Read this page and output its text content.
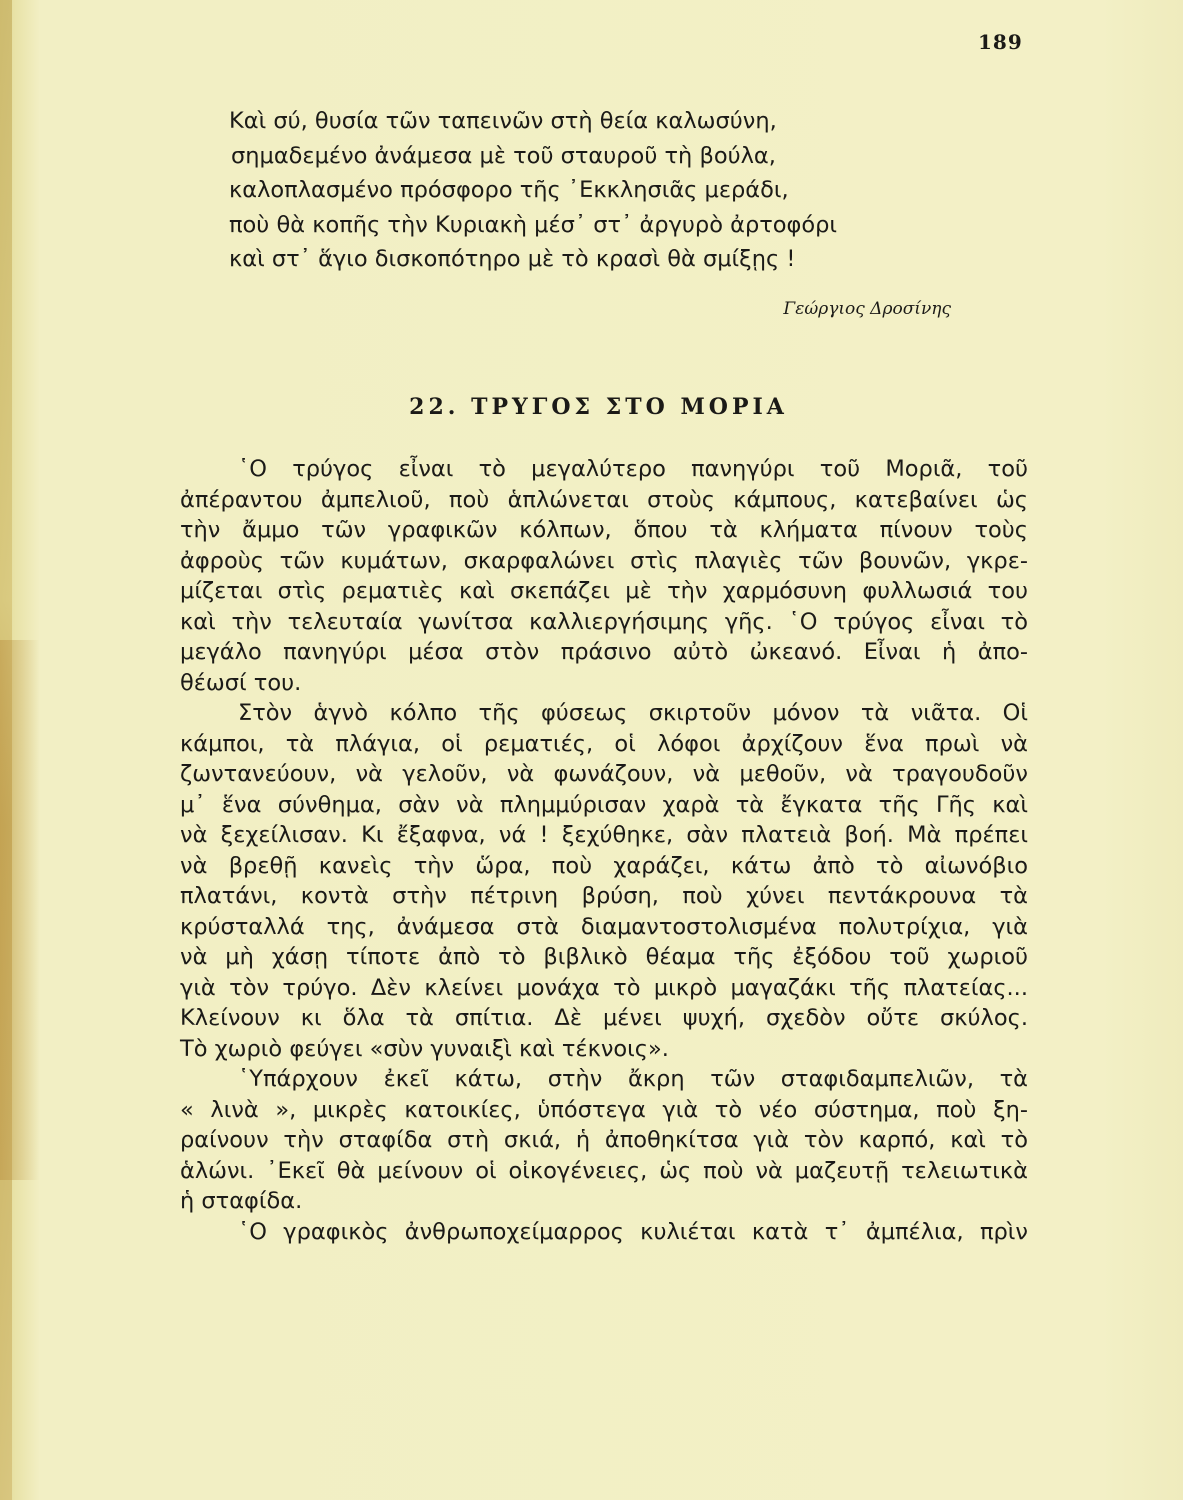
189
Καὶ σύ, θυσία τῶν ταπεινῶν στὴ θεία καλωσύνη,
σημαδεμένο ἀνάμεσα μὲ τοῦ σταυροῦ τὴ βούλα,
καλοπλασμένο πρόσφορο τῆς ᾿Εκκλησιᾶς μεράδι,
ποὺ θὰ κοπῆς τὴν Κυριακὴ μέσ᾿ στ᾿ ἀργυρὸ ἀρτοφόρι
καὶ στ᾿ ἅγιο δισκοπότηρο μὲ τὸ κρασὶ θὰ σμίξῃς !
Γεώργιος Δροσίνης
22. ΤΡΥΓΟΣ ΣΤΟ ΜΟΡΙΑ
῾Ο τρύγος εἶναι τὸ μεγαλύτερο πανηγύρι τοῦ Μοριᾶ, τοῦ
ἀπέραντου ἀμπελιοῦ, ποὺ ἁπλώνεται στοὺς κάμπους, κατεβαίνει ὡς
τὴν ἄμμο τῶν γραφικῶν κόλπων, ὅπου τὰ κλήματα πίνουν τοὺς
ἀφροὺς τῶν κυμάτων, σκαρφαλώνει στὶς πλαγιὲς τῶν βουνῶν, γκρε-
μίζεται στὶς ρεματιὲς καὶ σκεπάζει μὲ τὴν χαρμόσυνη φυλλωσιά του
καὶ τὴν τελευταία γωνίτσα καλλιεργήσιμης γῆς. ῾Ο τρύγος εἶναι τὸ
μεγάλο πανηγύρι μέσα στὸν πράσινο αὐτὸ ὠκεανό. Εἶναι ἡ ἀπο-
θέωσί του.
Στὸν ἁγνὸ κόλπο τῆς φύσεως σκιρτοῦν μόνον τὰ νιᾶτα. Οἱ
κάμποι, τὰ πλάγια, οἱ ρεματιές, οἱ λόφοι ἀρχίζουν ἕνα πρωὶ νὰ
ζωντανεύουν, νὰ γελοῦν, νὰ φωνάζουν, νὰ μεθοῦν, νὰ τραγουδοῦν
μ᾿ ἕνα σύνθημα, σὰν νὰ πλημμύρισαν χαρὰ τὰ ἔγκατα τῆς Γῆς καὶ
νὰ ξεχείλισαν. Κι ἔξαφνα, νά ! ξεχύθηκε, σὰν πλατειὰ βοή. Μὰ πρέπει
νὰ βρεθῇ κανεὶς τὴν ὥρα, ποὺ χαράζει, κάτω ἀπὸ τὸ αἰωνόβιο
πλατάνι, κοντὰ στὴν πέτρινη βρύση, ποὺ χύνει πεντάκρουνα τὰ
κρύσταλλά της, ἀνάμεσα στὰ διαμαντοστολισμένα πολυτρίχια, γιὰ
νὰ μὴ χάσῃ τίποτε ἀπὸ τὸ βιβλικὸ θέαμα τῆς ἐξόδου τοῦ χωριοῦ
γιὰ τὸν τρύγο. Δὲν κλείνει μονάχα τὸ μικρὸ μαγαζάκι τῆς πλατείας...
Κλείνουν κι ὅλα τὰ σπίτια. Δὲ μένει ψυχή, σχεδὸν οὔτε σκύλος.
Τὸ χωριὸ φεύγει «σὺν γυναιξὶ καὶ τέκνοις».
῾Υπάρχουν ἐκεῖ κάτω, στὴν ἄκρη τῶν σταφιδαμπελιῶν, τὰ
« λινὰ », μικρὲς κατοικίες, ὑπόστεγα γιὰ τὸ νέο σύστημα, ποὺ ξη-
ραίνουν τὴν σταφίδα στὴ σκιά, ἡ ἀποθηκίτσα γιὰ τὸν καρπό, καὶ τὸ
ἁλώνι. ᾿Εκεῖ θὰ μείνουν οἱ οἰκογένειες, ὡς ποὺ νὰ μαζευτῇ τελειωτικὰ
ἡ σταφίδα.
῾Ο γραφικὸς ἀνθρωποχείμαρρος κυλιέται κατὰ τ᾿ ἀμπέλια, πρὶν
